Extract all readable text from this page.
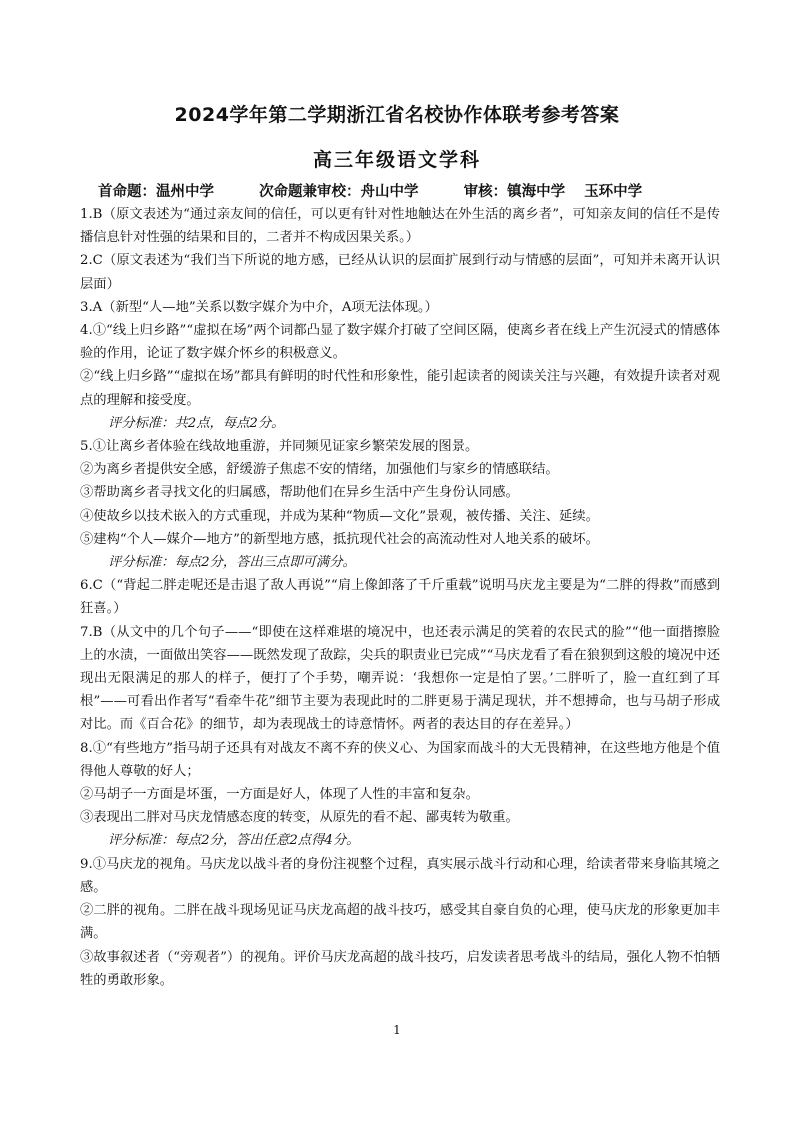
2024学年第二学期浙江省名校协作体联考参考答案
高三年级语文学科
首命题：温州中学	次命题兼审校：舟山中学	审核：镇海中学 玉环中学

1.B（原文表述为“通过亲友间的信任，可以更有针对性地触达在外生活的离乡者”，可知亲友间的信任不是传播信息针对性强的结果和目的，二者并不构成因果关系。）

2.C（原文表述为“我们当下所说的地方感，已经从认识的层面扩展到行动与情感的层面”，可知并未离开认识层面）

3.A（新型“人—地”关系以数字媒介为中介，A项无法体现。）

4.①“线上归乡路”“虚拟在场”两个词都凸显了数字媒介打破了空间区隔，使离乡者在线上产生沉浸式的情感体验的作用，论证了数字媒介怀乡的积极意义。

②“线上归乡路”“虚拟在场”都具有鲜明的时代性和形象性，能引起读者的阅读关注与兴趣，有效提升读者对观点的理解和接受度。

评分标准：共2点，每点2分。

5.①让离乡者体验在线故地重游，并同频见证家乡繁荣发展的图景。

②为离乡者提供安全感，舒缓游子焦虑不安的情绪，加强他们与家乡的情感联结。

③帮助离乡者寻找文化的归属感，帮助他们在异乡生活中产生身份认同感。

④使故乡以技术嵌入的方式重现，并成为某种“物质—文化”景观，被传播、关注、延续。

⑤建构“个人—媒介—地方”的新型地方感，抵抗现代社会的高流动性对人地关系的破坏。

评分标准：每点2分，答出三点即可满分。

6.C（“背起二胖走呢还是击退了敌人再说”“肩上像卸落了千斤重载”说明马庆龙主要是为“二胖的得救”而感到狂喜。）

7.B（从文中的几个句子——“即使在这样难堪的境况中，也还表示满足的笑着的农民式的脸”“他一面揩擦脸上的水渍，一面做出笑容——既然发现了敌踪，尖兵的职责业已完成”“马庆龙看了看在狼狈到这般的境况中还现出无限满足的那人的样子，便打了个手势，嘲弄说：‘我想你一定是怕了罢。’二胖听了，脸一直红到了耳根”——可看出作者写“看牵牛花”细节主要为表现此时的二胖更易于满足现状，并不想搏命，也与马胡子形成对比。而《百合花》的细节，却为表现战士的诗意情怀。两者的表达目的存在差异。）

8.①“有些地方”指马胡子还具有对战友不离不弃的侠义心、为国家而战斗的大无畏精神，在这些地方他是个值得他人尊敬的好人；

②马胡子一方面是坏蛋，一方面是好人，体现了人性的丰富和复杂。

③表现出二胖对马庆龙情感态度的转变，从原先的看不起、鄙夷转为敬重。

评分标准：每点2分，答出任意2点得4分。

9.①马庆龙的视角。马庆龙以战斗者的身份注视整个过程，真实展示战斗行动和心理，给读者带来身临其境之感。

②二胖的视角。二胖在战斗现场见证马庆龙高超的战斗技巧，感受其自豪自负的心理，使马庆龙的形象更加丰满。

③故事叙述者（“旁观者”）的视角。评价马庆龙高超的战斗技巧，启发读者思考战斗的结局，强化人物不怕牺牲的勇敢形象。

1
